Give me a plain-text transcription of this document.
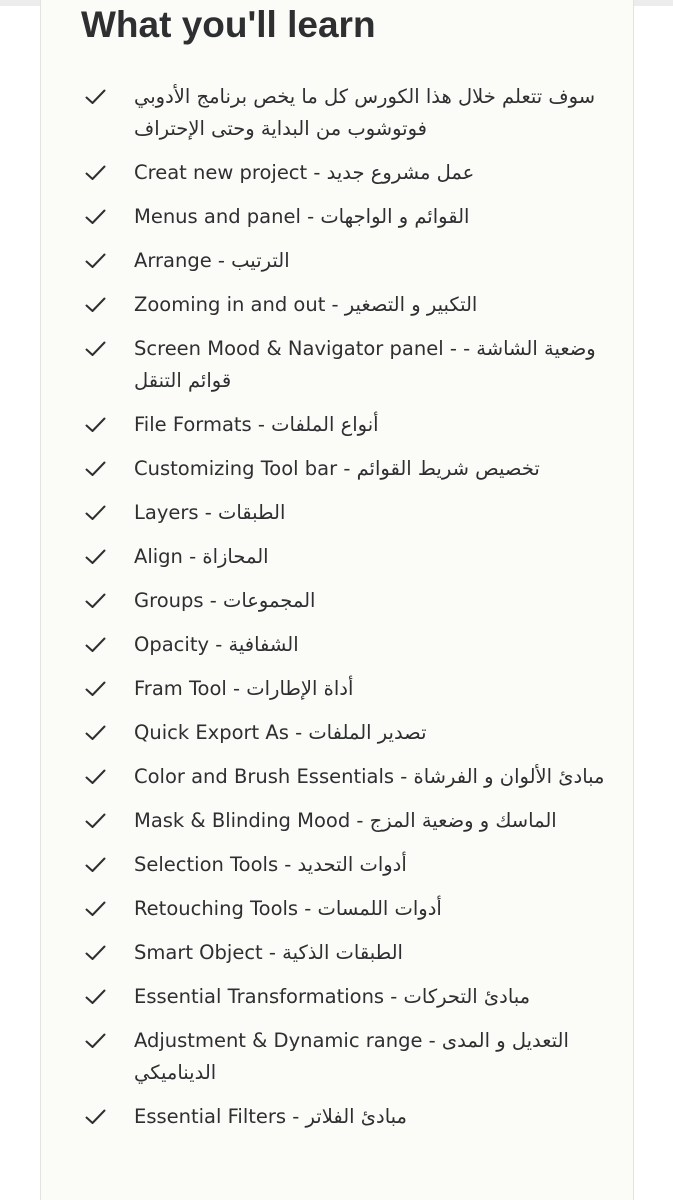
What you'll learn
سوف تتعلم خلال هذا الكورس كل ما يخص برنامج الأدوبي فوتوشوب من البداية وحتى الإحتراف
Creat new project - عمل مشروع جديد
Menus and panel - القوائم و الواجهات
Arrange - الترتيب
Zooming in and out - التكبير و التصغير
Screen Mood & Navigator panel - وضعية الشاشة - قوائم التنقل
File Formats - أنواع الملفات
Customizing Tool bar - تخصيص شريط القوائم
Layers - الطبقات
Align - المحازاة
Groups - المجموعات
Opacity - الشفافية
Fram Tool - أداة الإطارات
Quick Export As - تصدير الملفات
Color and Brush Essentials - مبادئ الألوان و الفرشاة
Mask & Blinding Mood - الماسك و وضعية المزج
Selection Tools - أدوات التحديد
Retouching Tools - أدوات اللمسات
Smart Object - الطبقات الذكية
Essential Transformations - مبادئ التحركات
Adjustment & Dynamic range - التعديل و المدى الديناميكي
Essential Filters - مبادئ الفلاتر
